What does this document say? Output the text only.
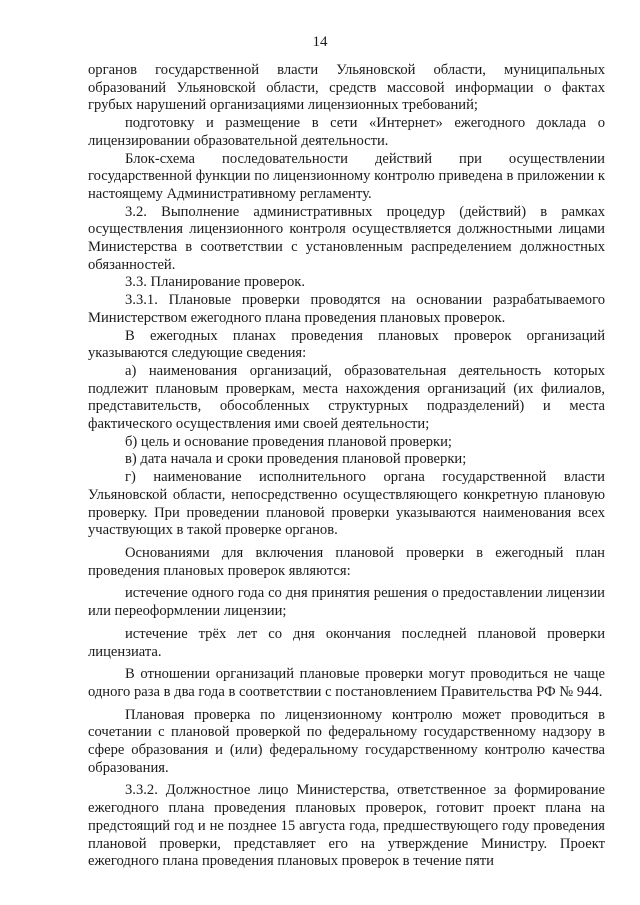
14

органов государственной власти Ульяновской области, муниципальных образований Ульяновской области, средств массовой информации о фактах грубых нарушений организациями лицензионных требований;

подготовку и размещение в сети «Интернет» ежегодного доклада о лицензировании образовательной деятельности.

Блок-схема последовательности действий при осуществлении государственной функции по лицензионному контролю приведена в приложении к настоящему Административному регламенту.

3.2. Выполнение административных процедур (действий) в рамках осуществления лицензионного контроля осуществляется должностными лицами Министерства в соответствии с установленным распределением должностных обязанностей.

3.3. Планирование проверок.

3.3.1. Плановые проверки проводятся на основании разрабатываемого Министерством ежегодного плана проведения плановых проверок.

В ежегодных планах проведения плановых проверок организаций указываются следующие сведения:

а) наименования организаций, образовательная деятельность которых подлежит плановым проверкам, места нахождения организаций (их филиалов, представительств, обособленных структурных подразделений) и места фактического осуществления ими своей деятельности;

б) цель и основание проведения плановой проверки;

в) дата начала и сроки проведения плановой проверки;

г) наименование исполнительного органа государственной власти Ульяновской области, непосредственно осуществляющего конкретную плановую проверку. При проведении плановой проверки указываются наименования всех участвующих в такой проверке органов.

Основаниями для включения плановой проверки в ежегодный план проведения плановых проверок являются:

истечение одного года со дня принятия решения о предоставлении лицензии или переоформлении лицензии;

истечение трёх лет со дня окончания последней плановой проверки лицензиата.

В отношении организаций плановые проверки могут проводиться не чаще одного раза в два года в соответствии с постановлением Правительства РФ № 944.

Плановая проверка по лицензионному контролю может проводиться в сочетании с плановой проверкой по федеральному государственному надзору в сфере образования и (или) федеральному государственному контролю качества образования.

3.3.2. Должностное лицо Министерства, ответственное за формирование ежегодного плана проведения плановых проверок, готовит проект плана на предстоящий год и не позднее 15 августа года, предшествующего году проведения плановой проверки, представляет его на утверждение Министру. Проект ежегодного плана проведения плановых проверок в течение пяти
